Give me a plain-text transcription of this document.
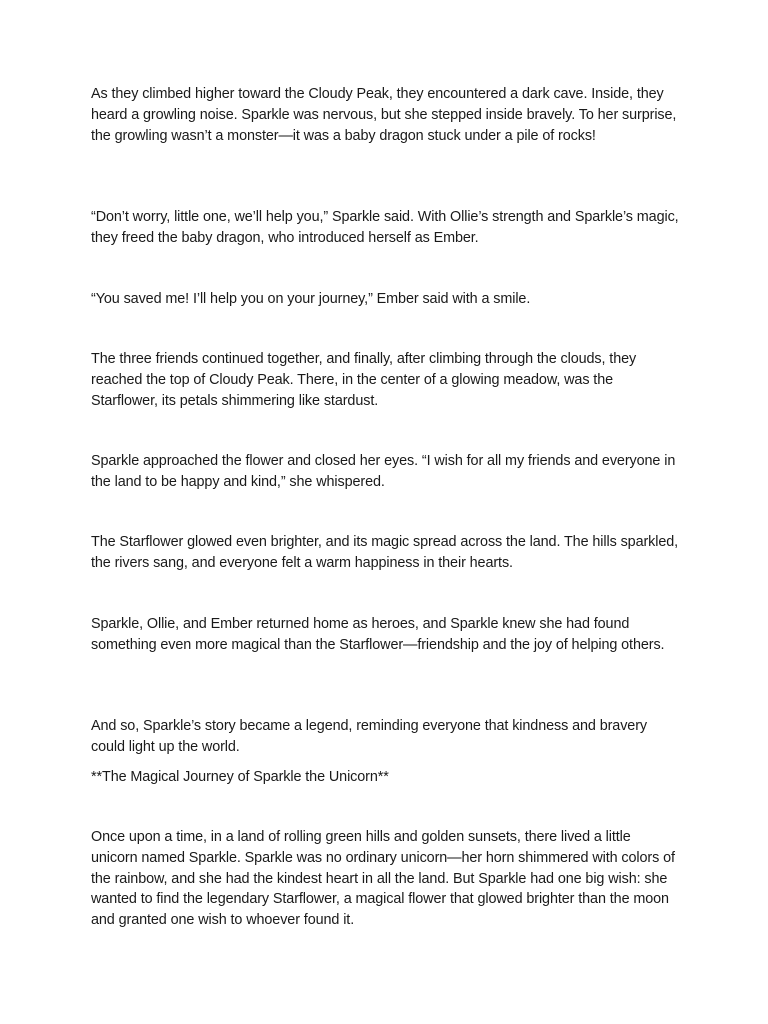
As they climbed higher toward the Cloudy Peak, they encountered a dark cave. Inside, they heard a growling noise. Sparkle was nervous, but she stepped inside bravely. To her surprise, the growling wasn’t a monster—it was a baby dragon stuck under a pile of rocks!

“Don’t worry, little one, we’ll help you,” Sparkle said. With Ollie’s strength and Sparkle’s magic, they freed the baby dragon, who introduced herself as Ember.

“You saved me! I’ll help you on your journey,” Ember said with a smile.

The three friends continued together, and finally, after climbing through the clouds, they reached the top of Cloudy Peak. There, in the center of a glowing meadow, was the Starflower, its petals shimmering like stardust.

Sparkle approached the flower and closed her eyes. “I wish for all my friends and everyone in the land to be happy and kind,” she whispered.

The Starflower glowed even brighter, and its magic spread across the land. The hills sparkled, the rivers sang, and everyone felt a warm happiness in their hearts.

Sparkle, Ollie, and Ember returned home as heroes, and Sparkle knew she had found something even more magical than the Starflower—friendship and the joy of helping others.

And so, Sparkle’s story became a legend, reminding everyone that kindness and bravery could light up the world.

**The Magical Journey of Sparkle the Unicorn**

Once upon a time, in a land of rolling green hills and golden sunsets, there lived a little unicorn named Sparkle. Sparkle was no ordinary unicorn—her horn shimmered with colors of the rainbow, and she had the kindest heart in all the land. But Sparkle had one big wish: she wanted to find the legendary Starflower, a magical flower that glowed brighter than the moon and granted one wish to whoever found it.
